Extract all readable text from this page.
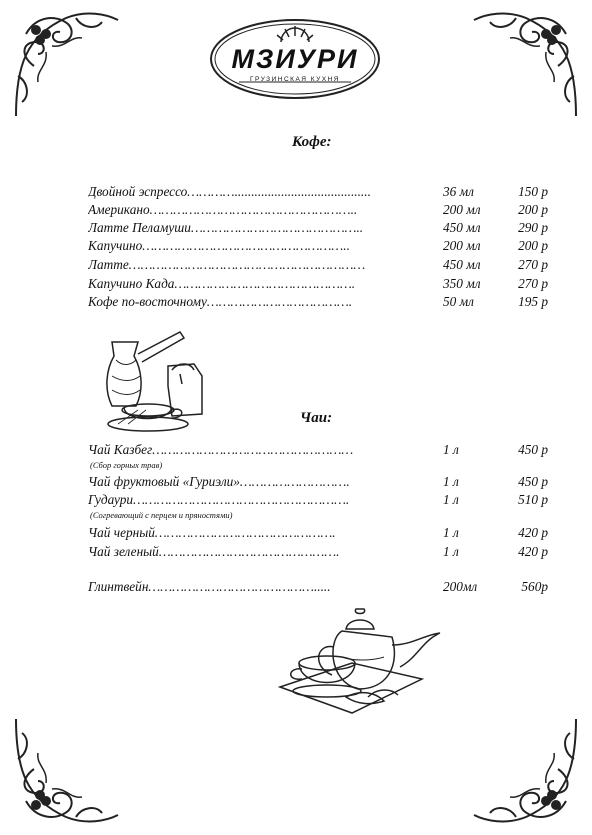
МЗИУРИ
ГРУЗИНСКАЯ КУХНЯ
Кофе:
Двойной эспрессо………….........................................	36 мл	150 р
Американо……………………………………………..	200 мл	200 р
Латте Пеламуши……………………………………..	450 мл	290 р
Капучино……………………………………………..	200 мл	200 р
Латте……………………………………………………	450 мл	270 р
Капучино Када……………………………………….	350 мл	270 р
Кофе по-восточному……………………………….	50 мл	195 р
Чаи:
Чай Казбег……………………………………………	1 л	450 р
(Сбор горных трав)
Чай фруктовый «Гуриэли»……………………….	1 л	450 р
Гудаури……………………………………………….	1 л	510 р
(Согревающий с перцем и пряностями)
Чай черный……………………………………….	1 л	420 р
Чай зеленый……………………………………….	1 л	420 р
Глинтвейн…………………………………….....	200мл	560р
